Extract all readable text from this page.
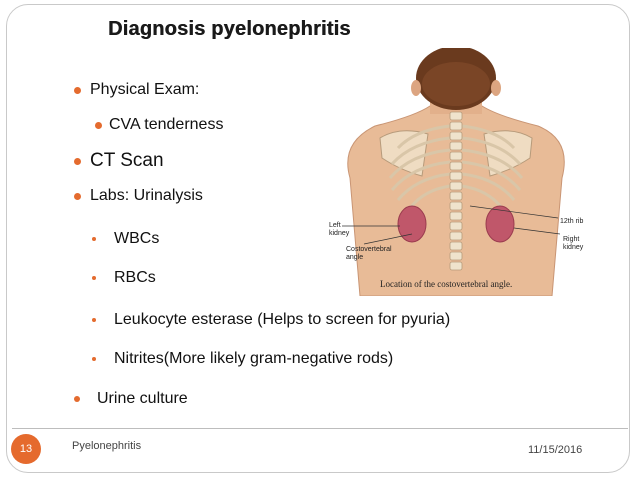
Diagnosis pyelonephritis
Physical Exam:
CVA tenderness
CT Scan
Labs: Urinalysis
WBCs
RBCs
Leukocyte esterase (Helps to screen for pyuria)
Nitrites(More likely gram-negative rods)
Urine culture
Left
kidney
Costovertebral
angle
12th rib
Right
kidney
Location of the costovertebral angle.
13	Pyelonephritis	11/15/2016
